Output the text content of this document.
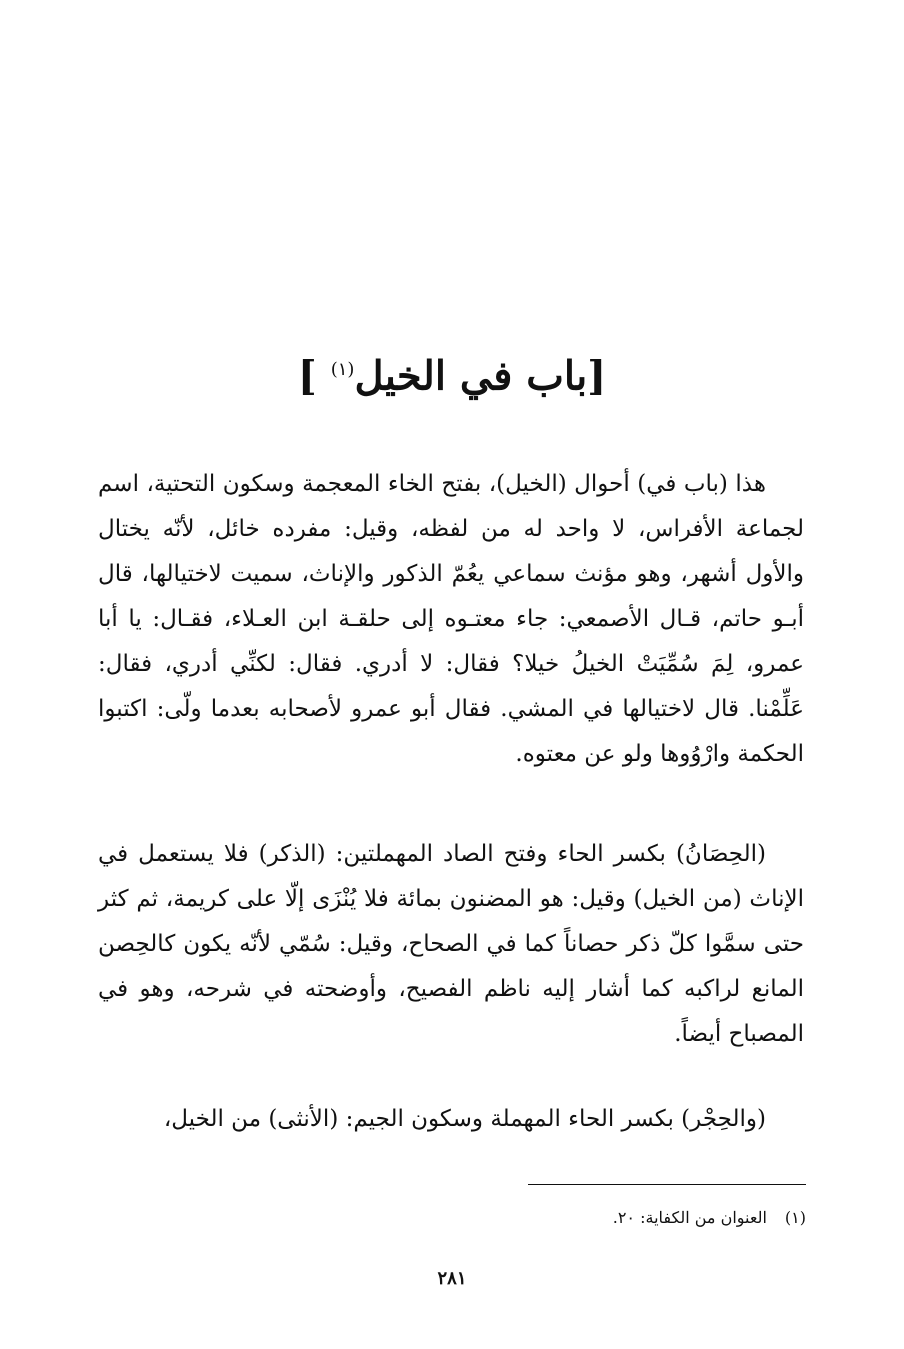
[باب في الخيل$^{(١)}$ ]

هذا (باب في) أحوال (الخيل)، بفتح الخاء المعجمة وسكون التحتية، اسم لجماعة الأفراس، لا واحد له من لفظه، وقيل: مفرده خائل، لأنّه يختال والأول أشهر، وهو مؤنث سماعي يعُمّ الذكور والإناث، سميت لاختيالها، قال أبـو حاتم، قـال الأصمعي: جاء معتـوه إلى حلقـة ابن العـلاء، فقـال: يا أبا عمرو، لِمَ سُمِّيَتْ الخيلُ خيلا؟ فقال: لا أدري. فقال: لكنِّي أدري، فقال: عَلِّمْنا. قال لاختيالها في المشي. فقال أبو عمرو لأصحابه بعدما ولّى: اكتبوا الحكمة وارْوُوها ولو عن معتوه.

(الحِصَانُ) بكسر الحاء وفتح الصاد المهملتين: (الذكر) فلا يستعمل في الإناث (من الخيل) وقيل: هو المضنون بمائة فلا يُنْزَى إلّا على كريمة، ثم كثر حتى سمَّوا كلّ ذكر حصاناً كما في الصحاح، وقيل: سُمّي لأنّه يكون كالحِصن المانع لراكبه كما أشار إليه ناظم الفصيح، وأوضحته في شرحه، وهو في المصباح أيضاً.

(والحِجْر) بكسر الحاء المهملة وسكون الجيم: (الأنثى) من الخيل،

(١)العنوان من الكفاية: ٢٠.
٢٨١
